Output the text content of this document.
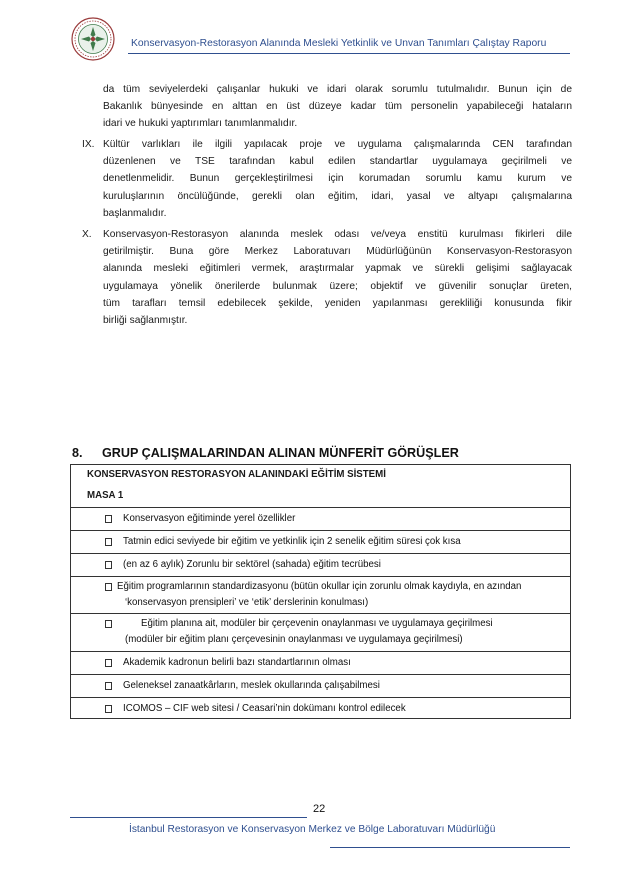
Konservasyon-Restorasyon Alanında Mesleki Yetkinlik ve Unvan Tanımları Çalıştay Raporu
da tüm seviyelerdeki çalışanlar hukuki ve idari olarak sorumlu tutulmalıdır. Bunun için de
Bakanlık bünyesinde en alttan en üst düzeye kadar tüm personelin yapabileceği hataların
idari ve hukuki yaptırımları tanımlanmalıdır.
IX. Kültür varlıkları ile ilgili yapılacak proje ve uygulama çalışmalarında CEN tarafından
düzenlenen ve TSE tarafından kabul edilen standartlar uygulamaya geçirilmeli ve
denetlenmelidir. Bunun gerçekleştirilmesi için korumadan sorumlu kamu kurum ve
kuruluşlarının öncülüğünde, gerekli olan eğitim, idari, yasal ve altyapı çalışmalarına
başlanmalıdır.
X. Konservasyon-Restorasyon alanında meslek odası ve/veya enstitü kurulması fikirleri dile
getirilmiştir. Buna göre Merkez Laboratuvarı Müdürlüğünün Konservasyon-Restorasyon
alanında mesleki eğitimleri vermek, araştırmalar yapmak ve sürekli gelişimi sağlayacak
uygulamaya yönelik önerilerde bulunmak üzere; objektif ve güvenilir sonuçlar üreten,
tüm tarafları temsil edebilecek şekilde, yeniden yapılanması gerekliliği konusunda fikir
birliği sağlanmıştır.
8. GRUP ÇALIŞMALARINDAN ALINAN MÜNFERİT GÖRÜŞLER
KONSERVASYON RESTORASYON ALANINDAKİ EĞİTİM SİSTEMİ
MASA 1
Konservasyon eğitiminde yerel özellikler
Tatmin edici seviyede bir eğitim ve yetkinlik için 2 senelik eğitim süresi çok kısa
(en az 6 aylık) Zorunlu bir sektörel (sahada) eğitim tecrübesi
Eğitim programlarının standardizasyonu (bütün okullar için zorunlu olmak kaydıyla, en azından
‘konservasyon prensipleri’ ve ‘etik’ derslerinin konulması)
Eğitim planına ait, modüler bir çerçevenin onaylanması ve uygulamaya geçirilmesi
(modüler bir eğitim planı çerçevesinin onaylanması ve uygulamaya geçirilmesi)
Akademik kadronun belirli bazı standartlarının olması
Geleneksel zanaatkârların, meslek okullarında çalışabilmesi
ICOMOS – CIF web sitesi / Ceasari’nin dokümanı kontrol edilecek
22
İstanbul Restorasyon ve Konservasyon Merkez ve Bölge Laboratuvarı Müdürlüğü
